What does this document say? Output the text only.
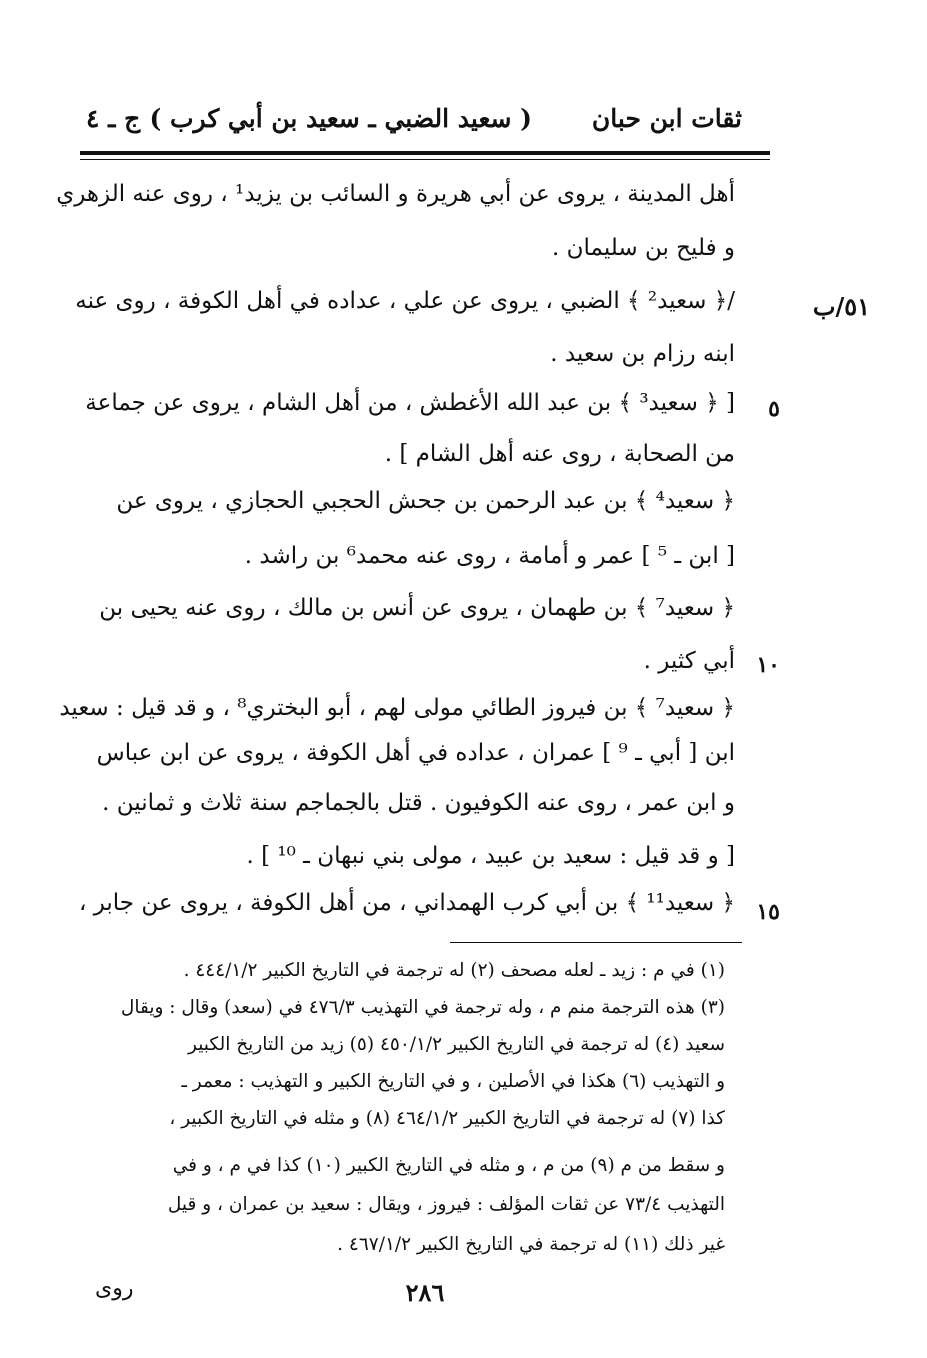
ثقات ابن حبان
( سعيد الضبي ـ سعيد بن أبي كرب )
ج ـ ٤
٥١/ب
أهل المدينة ، يروى عن أبي هريرة و السائب بن يزيد¹ ، روى عنه الزهري
و فليح بن سليمان .
/﴿ سعيد² ﴾ الضبي ، يروى عن علي ، عداده في أهل الكوفة ، روى عنه
ابنه رزام بن سعيد .
٥
[ ﴿ سعيد³ ﴾ بن عبد الله الأغطش ، من أهل الشام ، يروى عن جماعة
من الصحابة ، روى عنه أهل الشام ] .
﴿ سعيد⁴ ﴾ بن عبد الرحمن بن جحش الحجبي الحجازي ، يروى عن
[ ابن ـ ⁵ ] عمر و أمامة ، روى عنه محمد⁶ بن راشد .
﴿ سعيد⁷ ﴾ بن طهمان ، يروى عن أنس بن مالك ، روى عنه يحيى بن
١٠
أبي كثير .
﴿ سعيد⁷ ﴾ بن فيروز الطائي مولى لهم ، أبو البختري⁸ ، و قد قيل : سعيد
ابن [ أبي ـ ⁹ ] عمران ، عداده في أهل الكوفة ، يروى عن ابن عباس
و ابن عمر ، روى عنه الكوفيون . قتل بالجماجم سنة ثلاث و ثمانين .
[ و قد قيل : سعيد بن عبيد ، مولى بني نبهان ـ ¹⁰ ] .
١٥
﴿ سعيد¹¹ ﴾ بن أبي كرب الهمداني ، من أهل الكوفة ، يروى عن جابر ،
(١) في م : زيد ـ لعله مصحف (٢) له ترجمة في التاريخ الكبير ٤٤٤/١/٢ .
(٣) هذه الترجمة منم م ، وله ترجمة في التهذيب ٤٧٦/٣ في (سعد) وقال : ويقال
سعيد (٤) له ترجمة في التاريخ الكبير ٤٥٠/١/٢ (٥) زيد من التاريخ الكبير
و التهذيب (٦) هكذا في الأصلين ، و في التاريخ الكبير و التهذيب : معمر ـ
كذا (٧) له ترجمة في التاريخ الكبير ٤٦٤/١/٢ (٨) و مثله في التاريخ الكبير ،
و سقط من م (٩) من م ، و مثله في التاريخ الكبير (١٠) كذا في م ، و في
التهذيب ٧٣/٤ عن ثقات المؤلف : فيروز ، ويقال : سعيد بن عمران ، و قيل
غير ذلك (١١) له ترجمة في التاريخ الكبير ٤٦٧/١/٢ .
٢٨٦
روى
